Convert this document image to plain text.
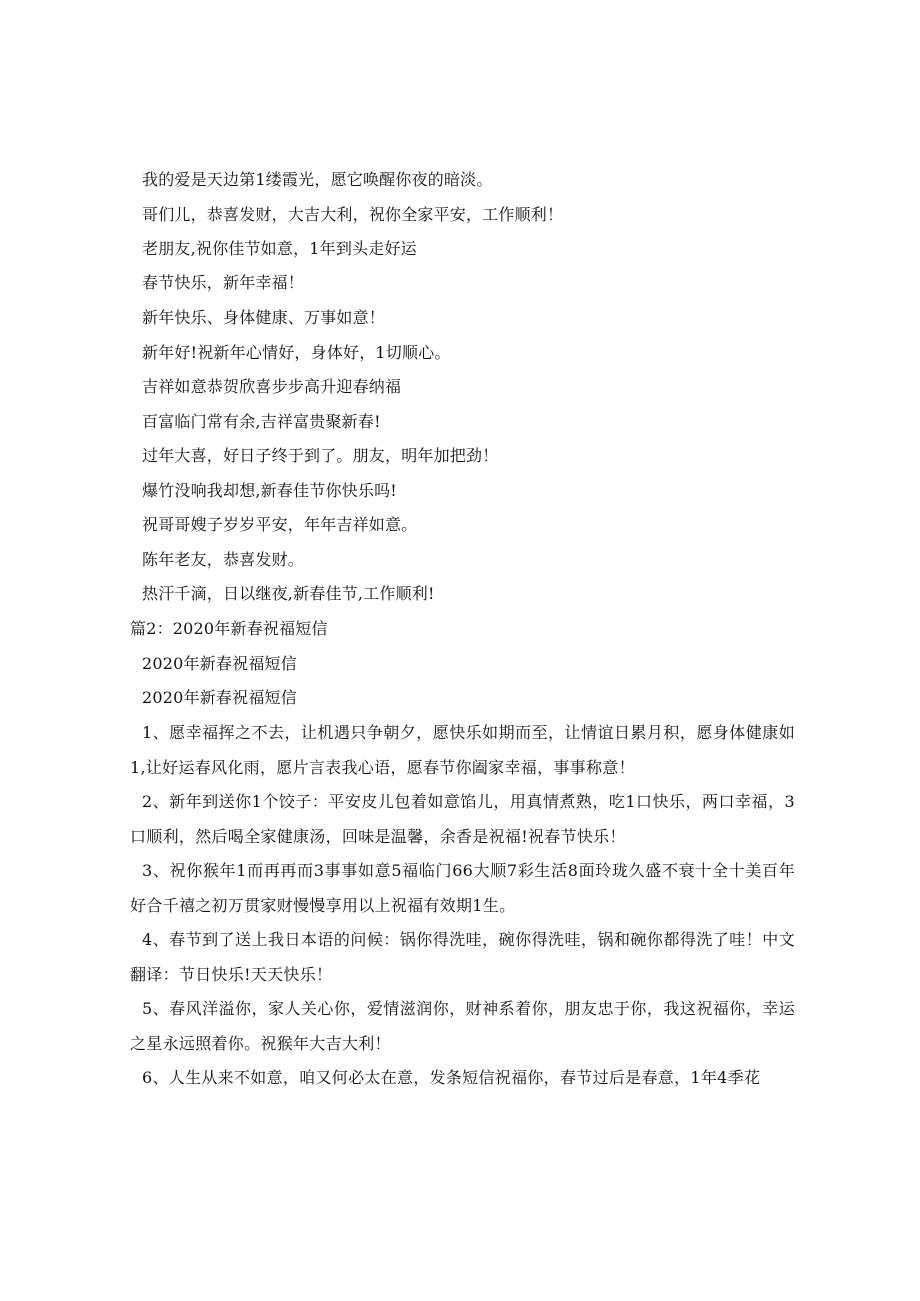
我的爱是天边第1缕霞光，愿它唤醒你夜的暗淡。
哥们儿，恭喜发财，大吉大利，祝你全家平安，工作顺利！
老朋友,祝你佳节如意，1年到头走好运
春节快乐，新年幸福！
新年快乐、身体健康、万事如意！
新年好!祝新年心情好，身体好，1切顺心。
吉祥如意恭贺欣喜步步高升迎春纳福
百富临门常有余,吉祥富贵聚新春!
过年大喜，好日子终于到了。朋友，明年加把劲！
爆竹没响我却想,新春佳节你快乐吗!
祝哥哥嫂子岁岁平安，年年吉祥如意。
陈年老友，恭喜发财。
热汗千滴，日以继夜,新春佳节,工作顺利!
篇2：2020年新春祝福短信
2020年新春祝福短信
2020年新春祝福短信
1、愿幸福挥之不去，让机遇只争朝夕，愿快乐如期而至，让情谊日累月积，愿身体健康如1,让好运春风化雨，愿片言表我心语，愿春节你阖家幸福，事事称意！
2、新年到送你1个饺子：平安皮儿包着如意馅儿，用真情煮熟，吃1口快乐，两口幸福，3口顺利，然后喝全家健康汤，回味是温馨，余香是祝福!祝春节快乐！
3、祝你猴年1而再再而3事事如意5福临门66大顺7彩生活8面玲珑久盛不衰十全十美百年好合千禧之初万贯家财慢慢享用以上祝福有效期1生。
4、春节到了送上我日本语的问候：锅你得洗哇，碗你得洗哇，锅和碗你都得洗了哇！中文翻译：节日快乐!天天快乐！
5、春风洋溢你，家人关心你，爱情滋润你，财神系着你，朋友忠于你，我这祝福你，幸运之星永远照着你。祝猴年大吉大利！
6、人生从来不如意，咱又何必太在意，发条短信祝福你，春节过后是春意，1年4季花
